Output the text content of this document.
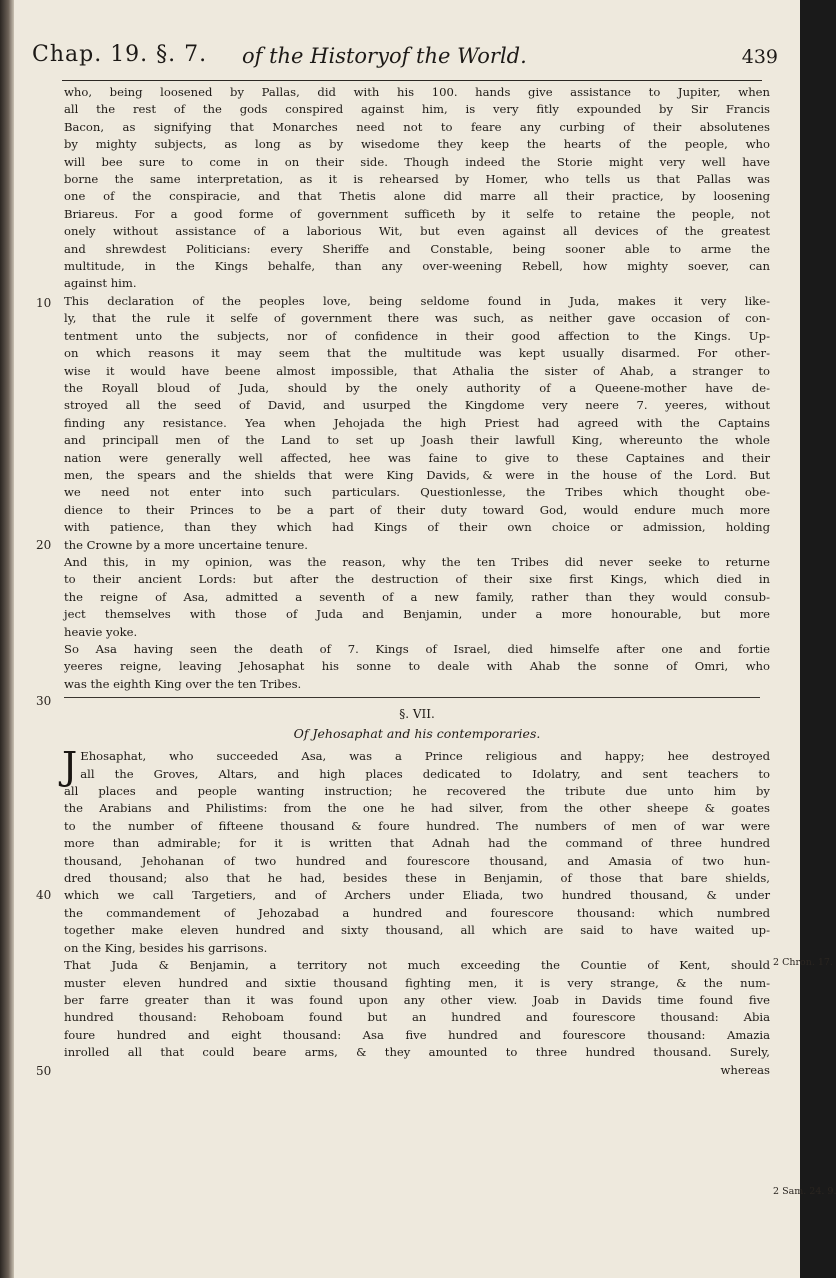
Chap. 19. §. 7. of the Historyof the World.	439
10
20
30
40
50
2 Chron. 17.
2 Sam. 24. 9.

who, being loosened by Pallas, did with his 100. hands give assistance to Jupiter, when

all the rest of the gods conspired against him, is very fitly expounded by Sir Francis

Bacon, as signifying that Monarches need not to feare any curbing of their absolutenes

by mighty subjects, as long as by wisedome they keep the hearts of the people, who

will bee sure to come in on their side. Though indeed the Storie might very well have

borne the same interpretation, as it is rehearsed by Homer, who tells us that Pallas was

one of the conspiracie, and that Thetis alone did marre all their practice, by loosening

Briareus. For a good forme of government sufficeth by it selfe to retaine the people, not

onely without assistance of a laborious Wit, but even against all devices of the greatest

and shrewdest Politicians: every Sheriffe and Constable, being sooner able to arme the

multitude, in the Kings behalfe, than any over-weening Rebell, how mighty soever, can

against him.

This declaration of the peoples love, being seldome found in Juda, makes it very like-

ly, that the rule it selfe of government there was such, as neither gave occasion of con-

tentment unto the subjects, nor of confidence in their good affection to the Kings. Up-

on which reasons it may seem that the multitude was kept usually disarmed. For other-

wise it would have beene almost impossible, that Athalia the sister of Ahab, a stranger to

the Royall bloud of Juda, should by the onely authority of a Queene-mother have de-

stroyed all the seed of David, and usurped the Kingdome very neere 7. yeeres, without

finding any resistance. Yea when Jehojada the high Priest had agreed with the Captains

and principall men of the Land to set up Joash their lawfull King, whereunto the whole

nation were generally well affected, hee was faine to give to these Captaines and their

men, the spears and the shields that were King Davids, & were in the house of the Lord. But

we need not enter into such particulars. Questionlesse, the Tribes which thought obe-

dience to their Princes to be a part of their duty toward God, would endure much more

with patience, than they which had Kings of their own choice or admission, holding

the Crowne by a more uncertaine tenure.

And this, in my opinion, was the reason, why the ten Tribes did never seeke to returne

to their ancient Lords: but after the destruction of their sixe first Kings, which died in

the reigne of Asa, admitted a seventh of a new family, rather than they would consub-

ject themselves with those of Juda and Benjamin, under a more honourable, but more

heavie yoke.

So Asa having seen the death of 7. Kings of Israel, died himselfe after one and fortie

yeeres reigne, leaving Jehosaphat his sonne to deale with Ahab the sonne of Omri, who

was the eighth King over the ten Tribes.

§. VII.

Of Jehosaphat and his contemporaries.

J Ehosaphat, who succeeded Asa, was a Prince religious and happy; hee destroyed

all the Groves, Altars, and high places dedicated to Idolatry, and sent teachers to

all places and people wanting instruction; he recovered the tribute due unto him by

the Arabians and Philistims: from the one he had silver, from the other sheepe & goates

to the number of fifteene thousand & foure hundred. The numbers of men of war were

more than admirable; for it is written that Adnah had the command of three hundred

thousand, Jehohanan of two hundred and fourescore thousand, and Amasia of two hun-

dred thousand; also that he had, besides these in Benjamin, of those that bare shields,

which we call Targetiers, and of Archers under Eliada, two hundred thousand, & under

the commandement of Jehozabad a hundred and fourescore thousand: which numbred

together make eleven hundred and sixty thousand, all which are said to have waited up-

on the King, besides his garrisons.

That Juda & Benjamin, a territory not much exceeding the Countie of Kent, should

muster eleven hundred and sixtie thousand fighting men, it is very strange, & the num-

ber farre greater than it was found upon any other view. Joab in Davids time found five

hundred thousand: Rehoboam found but an hundred and fourescore thousand: Abia

foure hundred and eight thousand: Asa five hundred and fourescore thousand: Amazia

inrolled all that could beare arms, & they amounted to three hundred thousand. Surely,

whereas
